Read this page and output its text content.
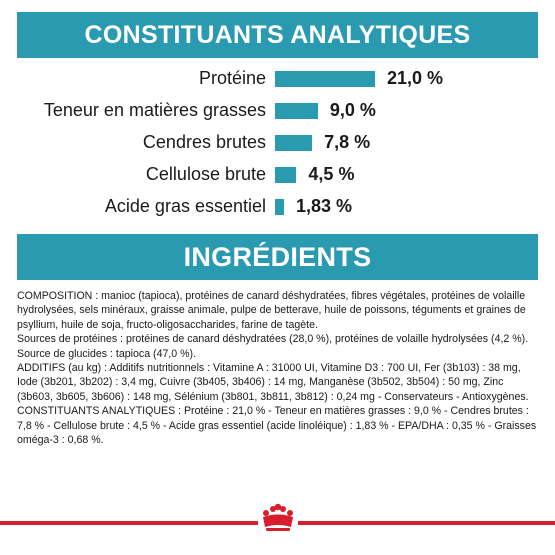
CONSTITUANTS ANALYTIQUES
Protéine	21,0 %
Teneur en matières grasses	9,0 %
Cendres brutes	7,8 %
Cellulose brute 4,5 %
Acide gras essentiel 1,83 %
INGRÉDIENTS

COMPOSITION : manioc (tapioca), protéines de canard déshydratées, fibres végétales, protéines de volaille hydrolysées, sels minéraux, graisse animale, pulpe de betterave, huile de poissons, téguments et graines de psyllium, huile de soja, fructo-oligosaccharides, farine de tagète.

Sources de protéines : protéines de canard déshydratées (28,0 %), protéines de volaille hydrolysées (4,2 %). Source de glucides : tapioca (47,0 %).

ADDITIFS (au kg) : Additifs nutritionnels : Vitamine A : 31000 UI, Vitamine D3 : 700 UI, Fer (3b103) : 38 mg, Iode (3b201, 3b202) : 3,4 mg, Cuivre (3b405, 3b406) : 14 mg, Manganèse (3b502, 3b504) : 50 mg, Zinc (3b603, 3b605, 3b606) : 148 mg, Sélénium (3b801, 3b811, 3b812) : 0,24 mg - Conservateurs - Antioxygènes.

CONSTITUANTS ANALYTIQUES : Protéine : 21,0 % - Teneur en matières grasses : 9,0 % - Cendres brutes : 7,8 % - Cellulose brute : 4,5 % - Acide gras essentiel (acide linoléique) : 1,83 % - EPA/DHA : 0,35 % - Graisses oméga-3 : 0,68 %.
